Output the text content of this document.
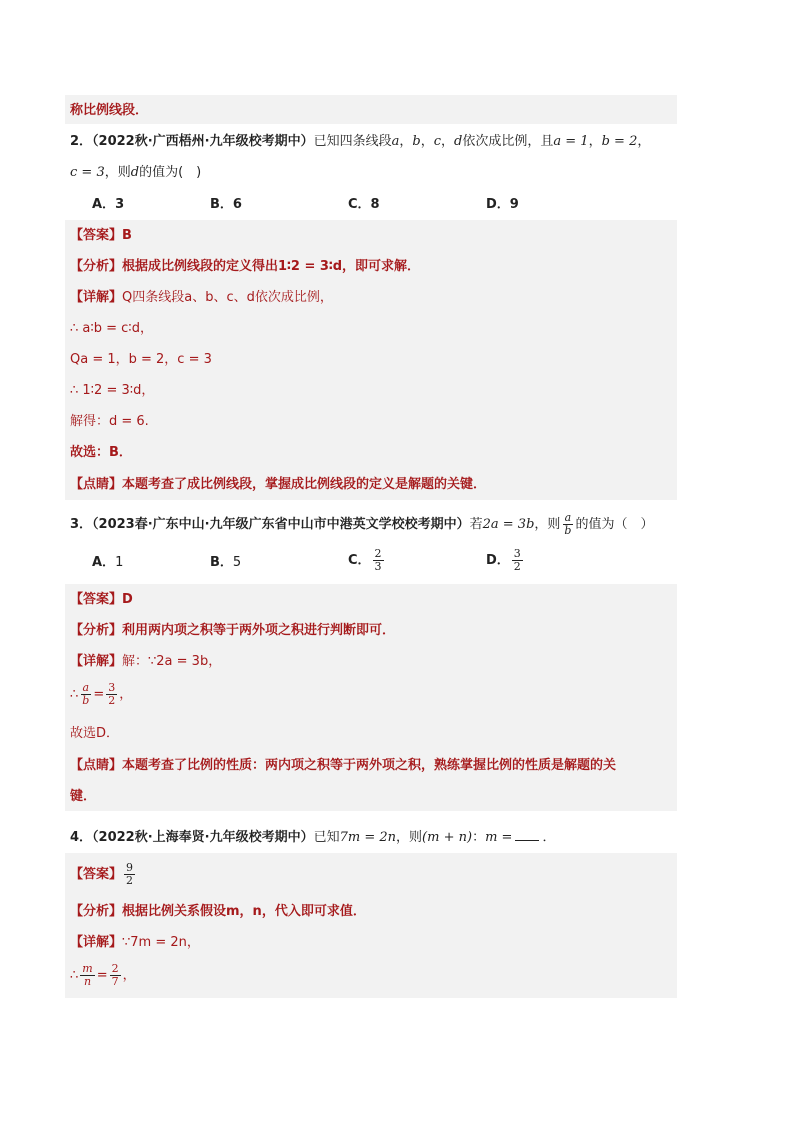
称比例线段．
2．（2022秋·广西梧州·九年级校考期中）已知四条线段a，b，c，d依次成比例，且a = 1，b = 2，
c = 3，则d的值为(　)
A．3	B．6	C．8	D．9
【答案】B
【分析】根据成比例线段的定义得出1∶2 = 3∶d，即可求解．
【详解】Q四条线段a、b、c、d依次成比例，
∴ a∶b = c∶d，
Qa = 1，b = 2，c = 3
∴ 1∶2 = 3∶d，
解得：d = 6.
故选：B．
【点睛】本题考查了成比例线段，掌握成比例线段的定义是解题的关键．
3．（2023春·广东中山·九年级广东省中山市中港英文学校校考期中）若2a = 3b，则 $\frac{a}{b}$ 的值为（　）
A．1	B．5	C． $\frac{2}{3}$	D． $\frac{3}{2}$
【答案】D
【分析】利用两内项之积等于两外项之积进行判断即可．
【详解】解：∵2a = 3b，
∴ $\frac{a}{b} = \frac{3}{2}$ ，
故选D．
【点睛】本题考查了比例的性质：两内项之积等于两外项之积，熟练掌握比例的性质是解题的关
键．
4．（2022秋·上海奉贤·九年级校考期中）已知7m = 2n，则(m + n)：m = ．
【答案】 $\frac{9}{2}$
【分析】根据比例关系假设m，n，代入即可求值．
【详解】∵7m = 2n，
∴ $\frac{m}{n} = \frac{2}{7}$ ，
